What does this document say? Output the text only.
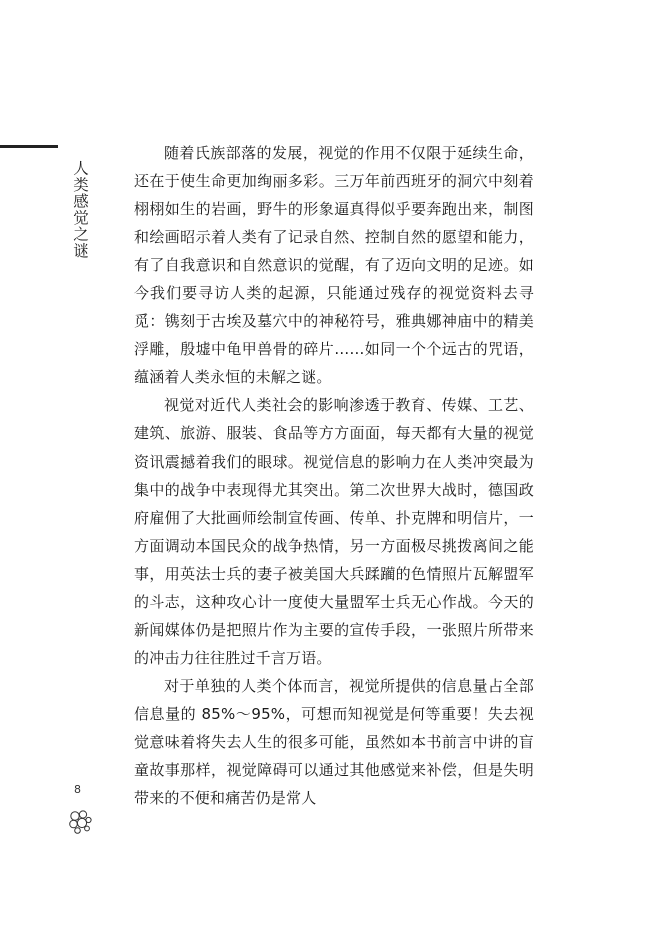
人类感觉之谜
8

随着氏族部落的发展，视觉的作用不仅限于延续生命，还在于使生命更加绚丽多彩。三万年前西班牙的洞穴中刻着栩栩如生的岩画，野牛的形象逼真得似乎要奔跑出来，制图和绘画昭示着人类有了记录自然、控制自然的愿望和能力，有了自我意识和自然意识的觉醒，有了迈向文明的足迹。如今我们要寻访人类的起源，只能通过残存的视觉资料去寻觅：镌刻于古埃及墓穴中的神秘符号，雅典娜神庙中的精美浮雕，殷墟中龟甲兽骨的碎片……如同一个个远古的咒语，蕴涵着人类永恒的未解之谜。

视觉对近代人类社会的影响渗透于教育、传媒、工艺、建筑、旅游、服装、食品等方方面面，每天都有大量的视觉资讯震撼着我们的眼球。视觉信息的影响力在人类冲突最为集中的战争中表现得尤其突出。第二次世界大战时，德国政府雇佣了大批画师绘制宣传画、传单、扑克牌和明信片，一方面调动本国民众的战争热情，另一方面极尽挑拨离间之能事，用英法士兵的妻子被美国大兵蹂躏的色情照片瓦解盟军的斗志，这种攻心计一度使大量盟军士兵无心作战。今天的新闻媒体仍是把照片作为主要的宣传手段，一张照片所带来的冲击力往往胜过千言万语。

对于单独的人类个体而言，视觉所提供的信息量占全部信息量的 85%～95%，可想而知视觉是何等重要！失去视觉意味着将失去人生的很多可能，虽然如本书前言中讲的盲童故事那样，视觉障碍可以通过其他感觉来补偿，但是失明带来的不便和痛苦仍是常人
